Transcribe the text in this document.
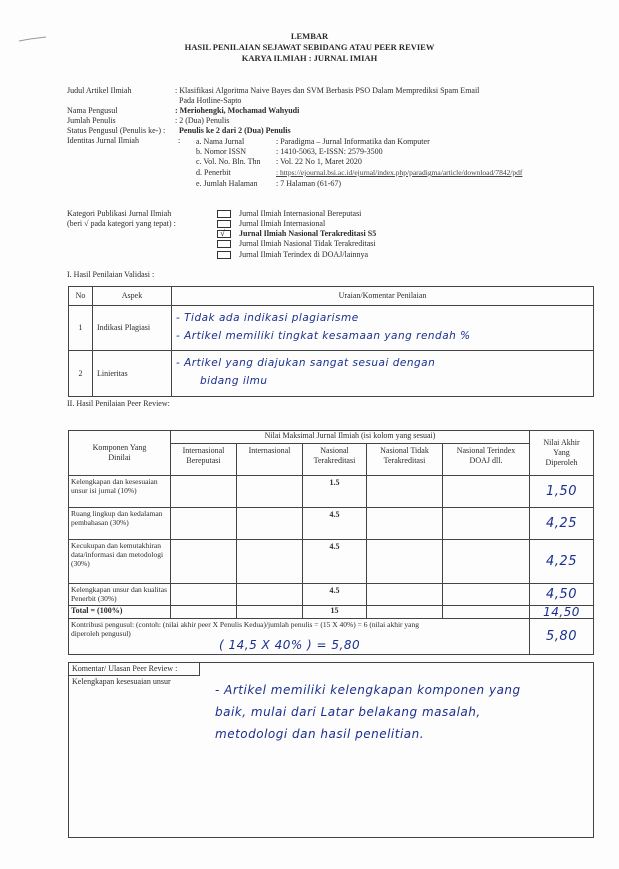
LEMBAR
HASIL PENILAIAN SEJAWAT SEBIDANG ATAU PEER REVIEW
KARYA ILMIAH : JURNAL IMIAH
Judul Artikel Ilmiah	: Klasifikasi Algoritma Naive Bayes dan SVM Berbasis PSO Dalam Memprediksi Spam Email
Pada Hotline-Sapto
Nama Pengusul	: Meriohengki, Mochamad Wahyudi
Jumlah Penulis	: 2 (Dua) Penulis
Status Pengusul (Penulis ke-) : Penulis ke 2 dari 2 (Dua) Penulis
Identitas Jurnal Ilmiah	: a. Nama Jurnal	: Paradigma – Jurnal Informatika dan Komputer
b. Nomor ISSN	: 1410-5063, E-ISSN: 2579-3500
c. Vol. No. Bln. Thn : Vol. 22 No 1, Maret 2020
d. Penerbit	: https://ejournal.bsi.ac.id/ejurnal/index.php/paradigma/article/download/7842/pdf
e. Jumlah Halaman : 7 Halaman (61-67)
Kategori Publikasi Jurnal Ilmiah
(beri √ pada kategori yang tepat) :
Jurnal Ilmiah Internasional Bereputasi
Jurnal Ilmiah Internasional
√ Jurnal Ilmiah Nasional Terakreditasi S5
Jurnal Ilmiah Nasional Tidak Terakreditasi
Jurnal Ilmiah Terindex di DOAJ/lainnya
I. Hasil Penilaian Validasi :
No	Aspek	Uraian/Komentar Penilaian
1	Indikasi Plagiasi	- Tidak ada indikasi plagiarisme
- Artikel memiliki tingkat kesamaan yang rendah %

2	Linieritas	- Artikel yang diajukan sangat sesuai dengan
bidang ilmu
II. Hasil Penilaian Peer Review:
Komponen Yang Dinilai	Nilai Maksimal Jurnal Ilmiah (isi kolom yang sesuai)					Nilai Akhir Yang Diperoleh
	Internasional Bereputasi	Internasional	Nasional Terakreditasi	Nasional Tidak Terakreditasi	Nasional Terindex DOAJ dll.	
Kelengkapan dan kesesuaian unsur isi jurnal (10%)			1.5			1,50
Ruang lingkup dan kedalaman pembahasan (30%)			4.5			4,25
Kecukupan dan kemutakhiran data/informasi dan metodologi (30%)			4.5			4,25
Kelengkapan unsur dan kualitas Penerbit (30%)			4.5			4,50
Total = (100%)			15			14,50

Kontribusi pengusul: (contoh: (nilai akhir peer X Penulis Kedua)/jumlah penulis = (15 X 40%) = 6 (nilai akhir yang
diperoleh pengusul)
( 14,5 X 40% ) = 5,80						5,80
Komentar/ Ulasan Peer Review :
Kelengkapan kesesuaian unsur
- Artikel memiliki kelengkapan komponen yang
baik, mulai dari Latar belakang masalah,
metodologi dan hasil penelitian.
